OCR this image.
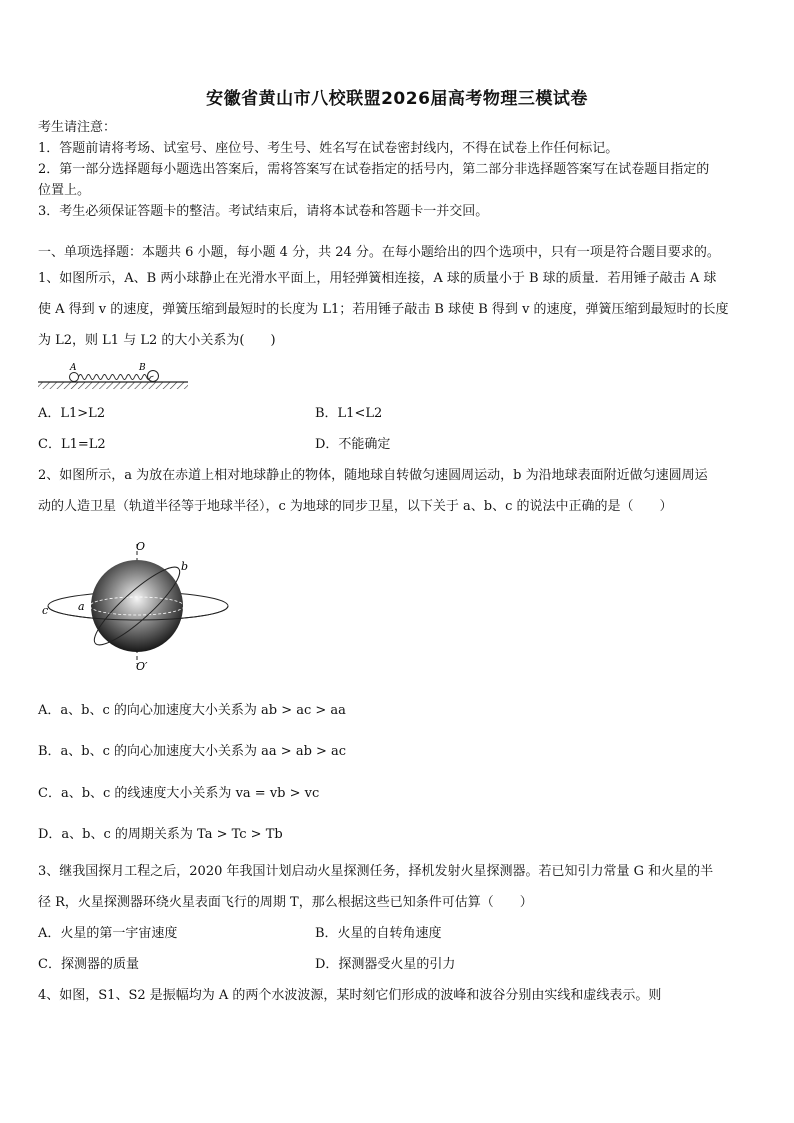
安徽省黄山市八校联盟2026届高考物理三模试卷
考生请注意：
1．答题前请将考场、试室号、座位号、考生号、姓名写在试卷密封线内，不得在试卷上作任何标记。
2．第一部分选择题每小题选出答案后，需将答案写在试卷指定的括号内，第二部分非选择题答案写在试卷题目指定的
位置上。
3．考生必须保证答题卡的整洁。考试结束后，请将本试卷和答题卡一并交回。
一、单项选择题：本题共 6 小题，每小题 4 分，共 24 分。在每小题给出的四个选项中，只有一项是符合题目要求的。
1、如图所示，A、B 两小球静止在光滑水平面上，用轻弹簧相连接，A 球的质量小于 B 球的质量．若用锤子敲击 A 球
使 A 得到 v 的速度，弹簧压缩到最短时的长度为 L1；若用锤子敲击 B 球使 B 得到 v 的速度，弹簧压缩到最短时的长度
为 L2，则 L1 与 L2 的大小关系为(　　)
A	B
A．L1>L2	B．L1<L2
C．L1=L2	D．不能确定
2、如图所示，a 为放在赤道上相对地球静止的物体，随地球自转做匀速圆周运动，b 为沿地球表面附近做匀速圆周运
动的人造卫星（轨道半径等于地球半径），c 为地球的同步卫星，以下关于 a、b、c 的说法中正确的是（　　）
O
O′
a
b
c
A．a、b、c 的向心加速度大小关系为 ab > ac > aa
B．a、b、c 的向心加速度大小关系为 aa > ab > ac
C．a、b、c 的线速度大小关系为 va = vb > vc
D．a、b、c 的周期关系为 Ta > Tc > Tb
3、继我国探月工程之后，2020 年我国计划启动火星探测任务，择机发射火星探测器。若已知引力常量 G 和火星的半
径 R，火星探测器环绕火星表面飞行的周期 T，那么根据这些已知条件可估算（　　）
A．火星的第一宇宙速度	B．火星的自转角速度
C．探测器的质量	D．探测器受火星的引力
4、如图，S1、S2 是振幅均为 A 的两个水波波源，某时刻它们形成的波峰和波谷分别由实线和虚线表示。则
